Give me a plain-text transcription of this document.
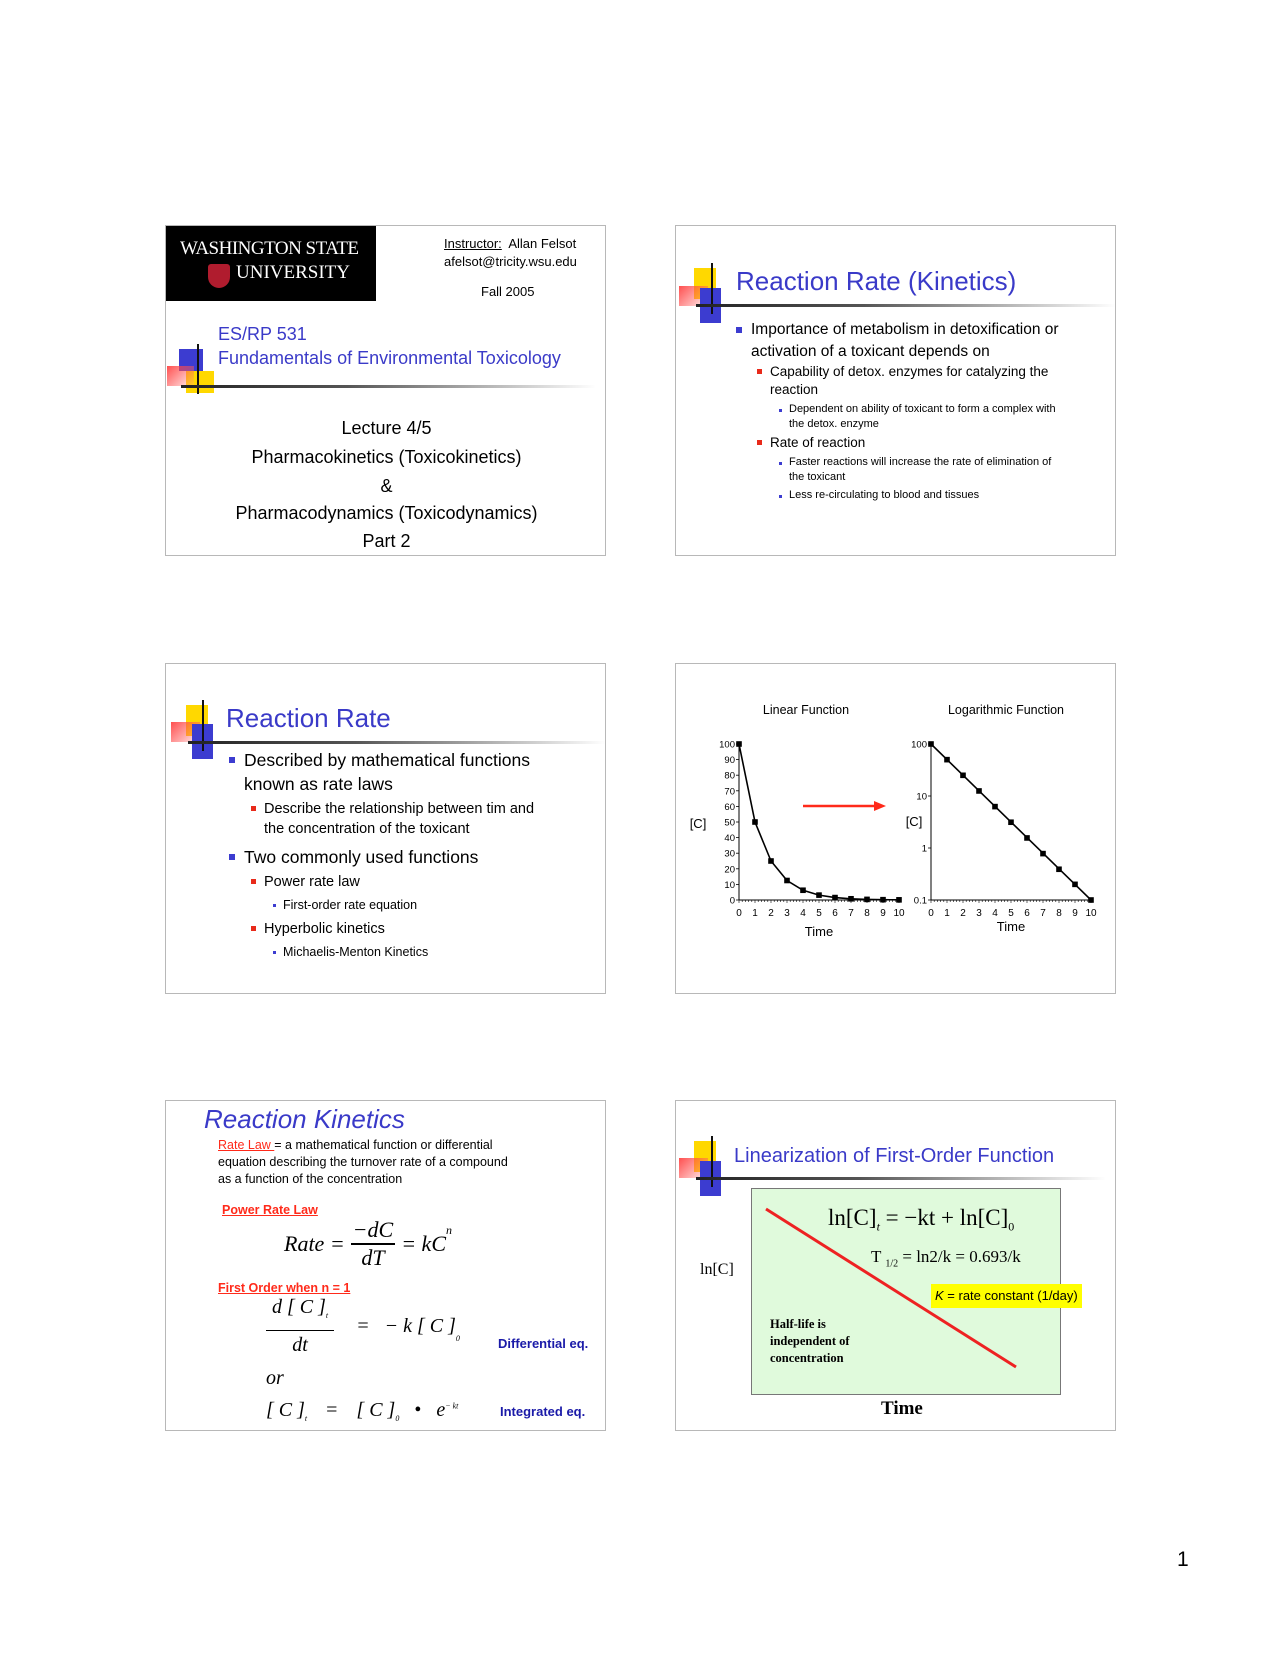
WASHINGTON STATE
UNIVERSITY
Instructor: Allan Felsot
afelsot@tricity.wsu.edu
Fall 2005
ES/RP 531
Fundamentals of Environmental Toxicology
Lecture 4/5
Pharmacokinetics (Toxicokinetics)
&
Pharmacodynamics (Toxicodynamics)
Part 2
Reaction Rate (Kinetics)
Importance of metabolism in detoxification or
activation of a toxicant depends on
Capability of detox. enzymes for catalyzing the
reaction
Dependent on ability of toxicant to form a complex with
the detox. enzyme
Rate of reaction
Faster reactions will increase the rate of elimination of
the toxicant
Less re-circulating to blood and tissues
Reaction Rate
Described by mathematical functions
known as rate laws
Describe the relationship between tim and
the concentration of the toxicant
Two commonly used functions
Power rate law
First-order rate equation
Hyperbolic kinetics
Michaelis-Menton Kinetics
Linear Function
0 1 2 3 4 5 6 7 8 9 10
0
10
20
30
40
50
60
70
80
90
100
Time
[C]
Logarithmic Function
0 1 2 3 4 5 6 7 8 9 10
0.1
1
10
100
Time
[C]
Reaction Kinetics
Rate Law = a mathematical function or differential
equation describing the turnover rate of a compound
as a function of the concentration
Power Rate Law
Rate = $\frac{-dC}{dT}$ = kC
$^n$
First Order when n = 1
$\frac{d [ C ]_t}{dt}$ =   − k [ C ]
$_0$	Differential eq.
or
[ C ]$_t$ = [ C ]$_0$ • $e^{- kt}$	Integrated eq.
Linearization of First-Order Function
$\ln[C]_t = -kt + \ln[C]_0$
T $_{1/2}$ = ln2/k = 0.693/k
K = rate constant (1/day)
Half-life is
independent of
concentration
ln[C]
Time
1
